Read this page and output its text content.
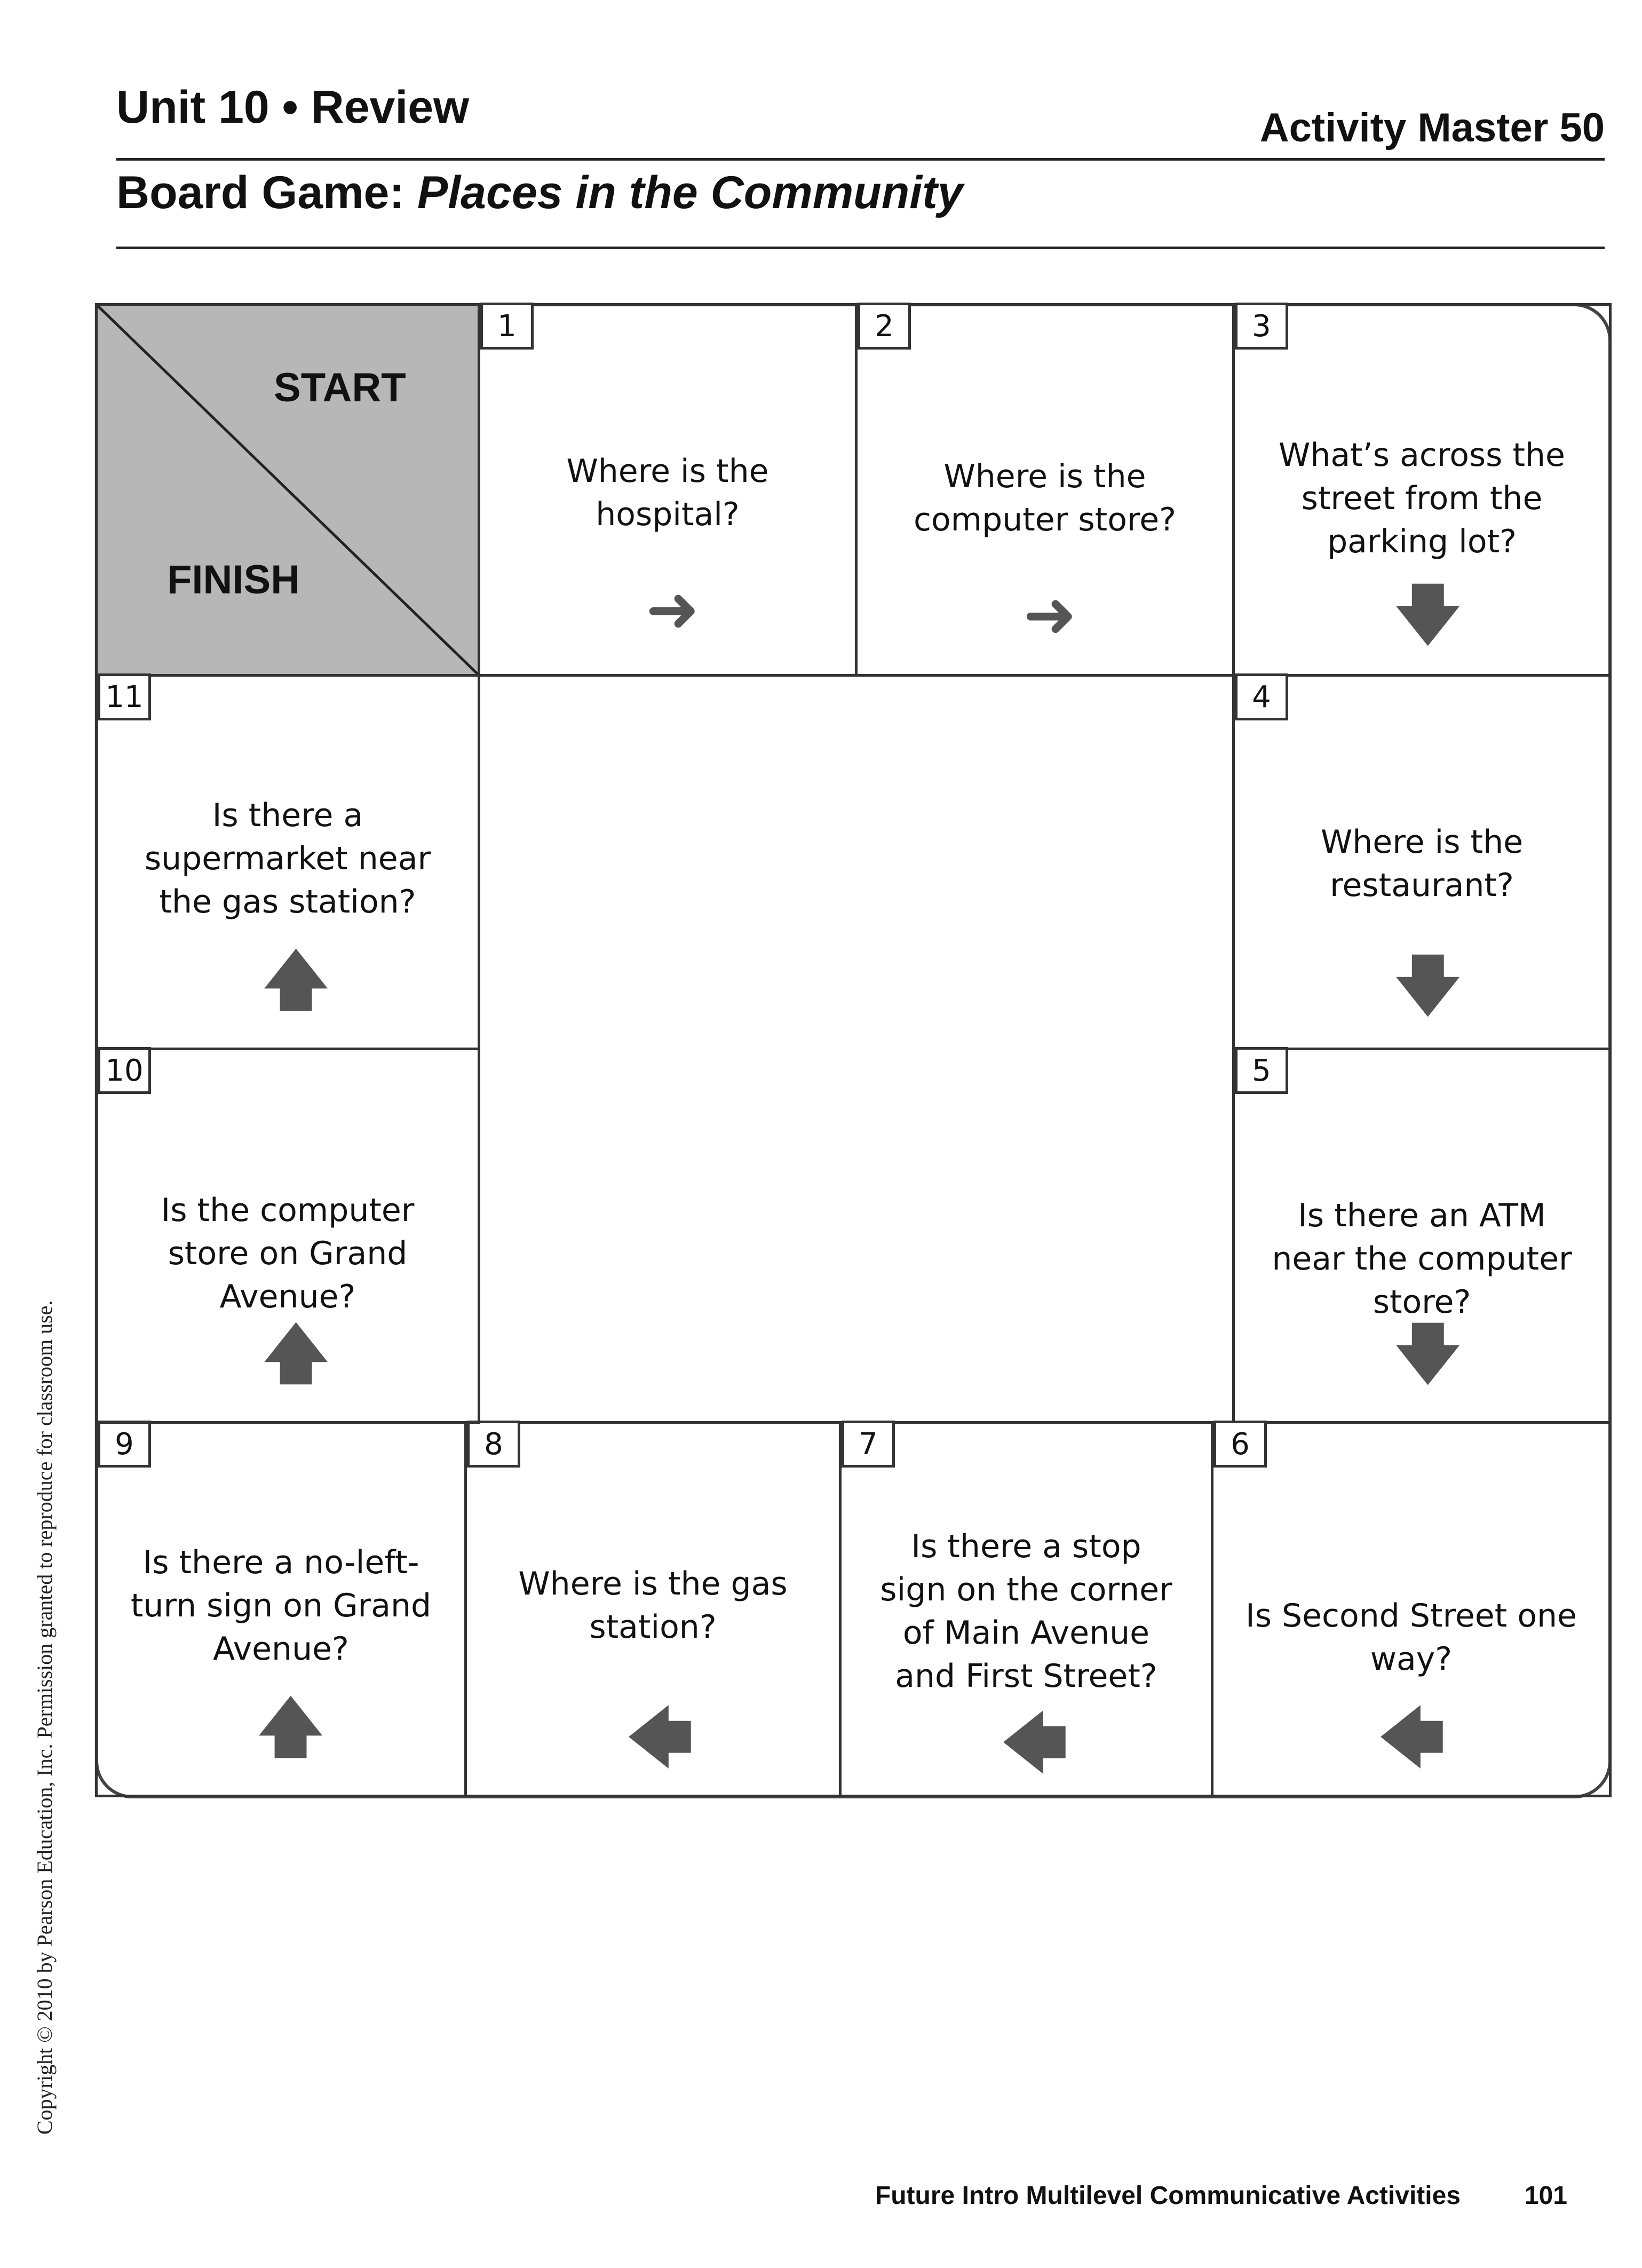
Unit 10 • Review	Activity Master 50
Board Game: Places in the Community
START
FINISH
1
Where is the hospital?
➜
2
Where is the computer store?
➜
3
What’s across the street from the parking lot?
🡇
4
Where is the restaurant?
🡇
5
Is there an ATM near the computer store?
🡇
6
Is Second Street one way?
🡄
7
Is there a stop sign on the corner of Main Avenue and First Street?
🡄
8
Where is the gas station?
🡄
9
Is there a no-left-turn sign on Grand Avenue?
🡅
10
Is the computer store on Grand Avenue?
🡅
11
Is there a supermarket near the gas station?
🡅
Copyright © 2010 by Pearson Education, Inc. Permission granted to reproduce for classroom use.
Future Intro Multilevel Communicative Activities 101
